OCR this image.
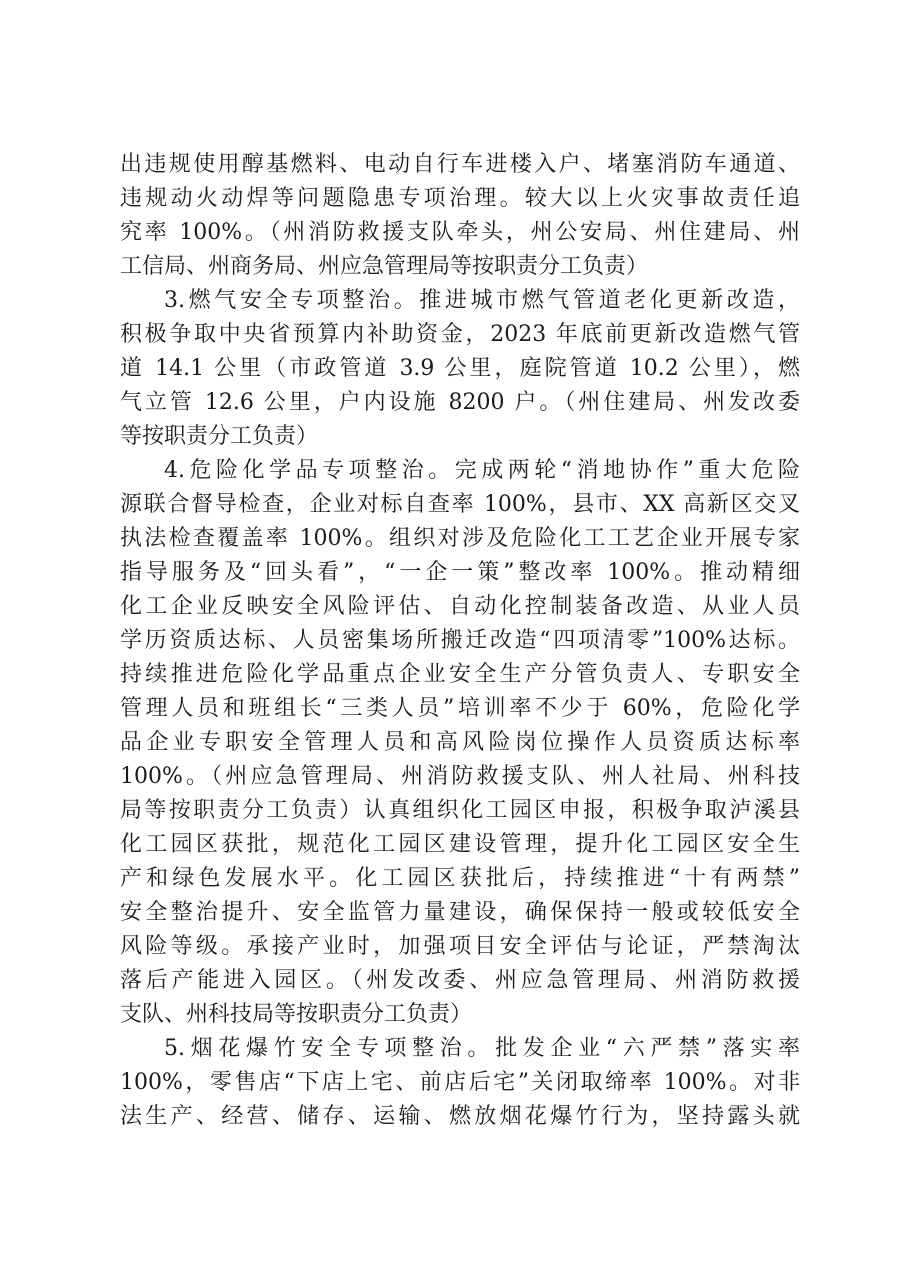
出违规使用醇基燃料、电动自行车进楼入户、堵塞消防车通道、
违规动火动焊等问题隐患专项治理。较大以上火灾事故责任追
究率 100%。（州消防救援支队牵头，州公安局、州住建局、州
工信局、州商务局、州应急管理局等按职责分工负责）
3.燃气安全专项整治。推进城市燃气管道老化更新改造，
积极争取中央省预算内补助资金，2023 年底前更新改造燃气管
道 14.1 公里（市政管道 3.9 公里，庭院管道 10.2 公里），燃
气立管 12.6 公里，户内设施 8200 户。（州住建局、州发改委
等按职责分工负责）
4.危险化学品专项整治。完成两轮“消地协作”重大危险
源联合督导检查，企业对标自查率 100%，县市、XX 高新区交叉
执法检查覆盖率 100%。组织对涉及危险化工工艺企业开展专家
指导服务及“回头看”，“一企一策”整改率 100%。推动精细
化工企业反映安全风险评估、自动化控制装备改造、从业人员
学历资质达标、人员密集场所搬迁改造“四项清零”100%达标。
持续推进危险化学品重点企业安全生产分管负责人、专职安全
管理人员和班组长“三类人员”培训率不少于 60%，危险化学
品企业专职安全管理人员和高风险岗位操作人员资质达标率
100%。（州应急管理局、州消防救援支队、州人社局、州科技
局等按职责分工负责）认真组织化工园区申报，积极争取泸溪县
化工园区获批，规范化工园区建设管理，提升化工园区安全生
产和绿色发展水平。化工园区获批后，持续推进“十有两禁”
安全整治提升、安全监管力量建设，确保保持一般或较低安全
风险等级。承接产业时，加强项目安全评估与论证，严禁淘汰
落后产能进入园区。（州发改委、州应急管理局、州消防救援
支队、州科技局等按职责分工负责）
5.烟花爆竹安全专项整治。批发企业“六严禁”落实率
100%，零售店“下店上宅、前店后宅”关闭取缔率 100%。对非
法生产、经营、储存、运输、燃放烟花爆竹行为，坚持露头就
